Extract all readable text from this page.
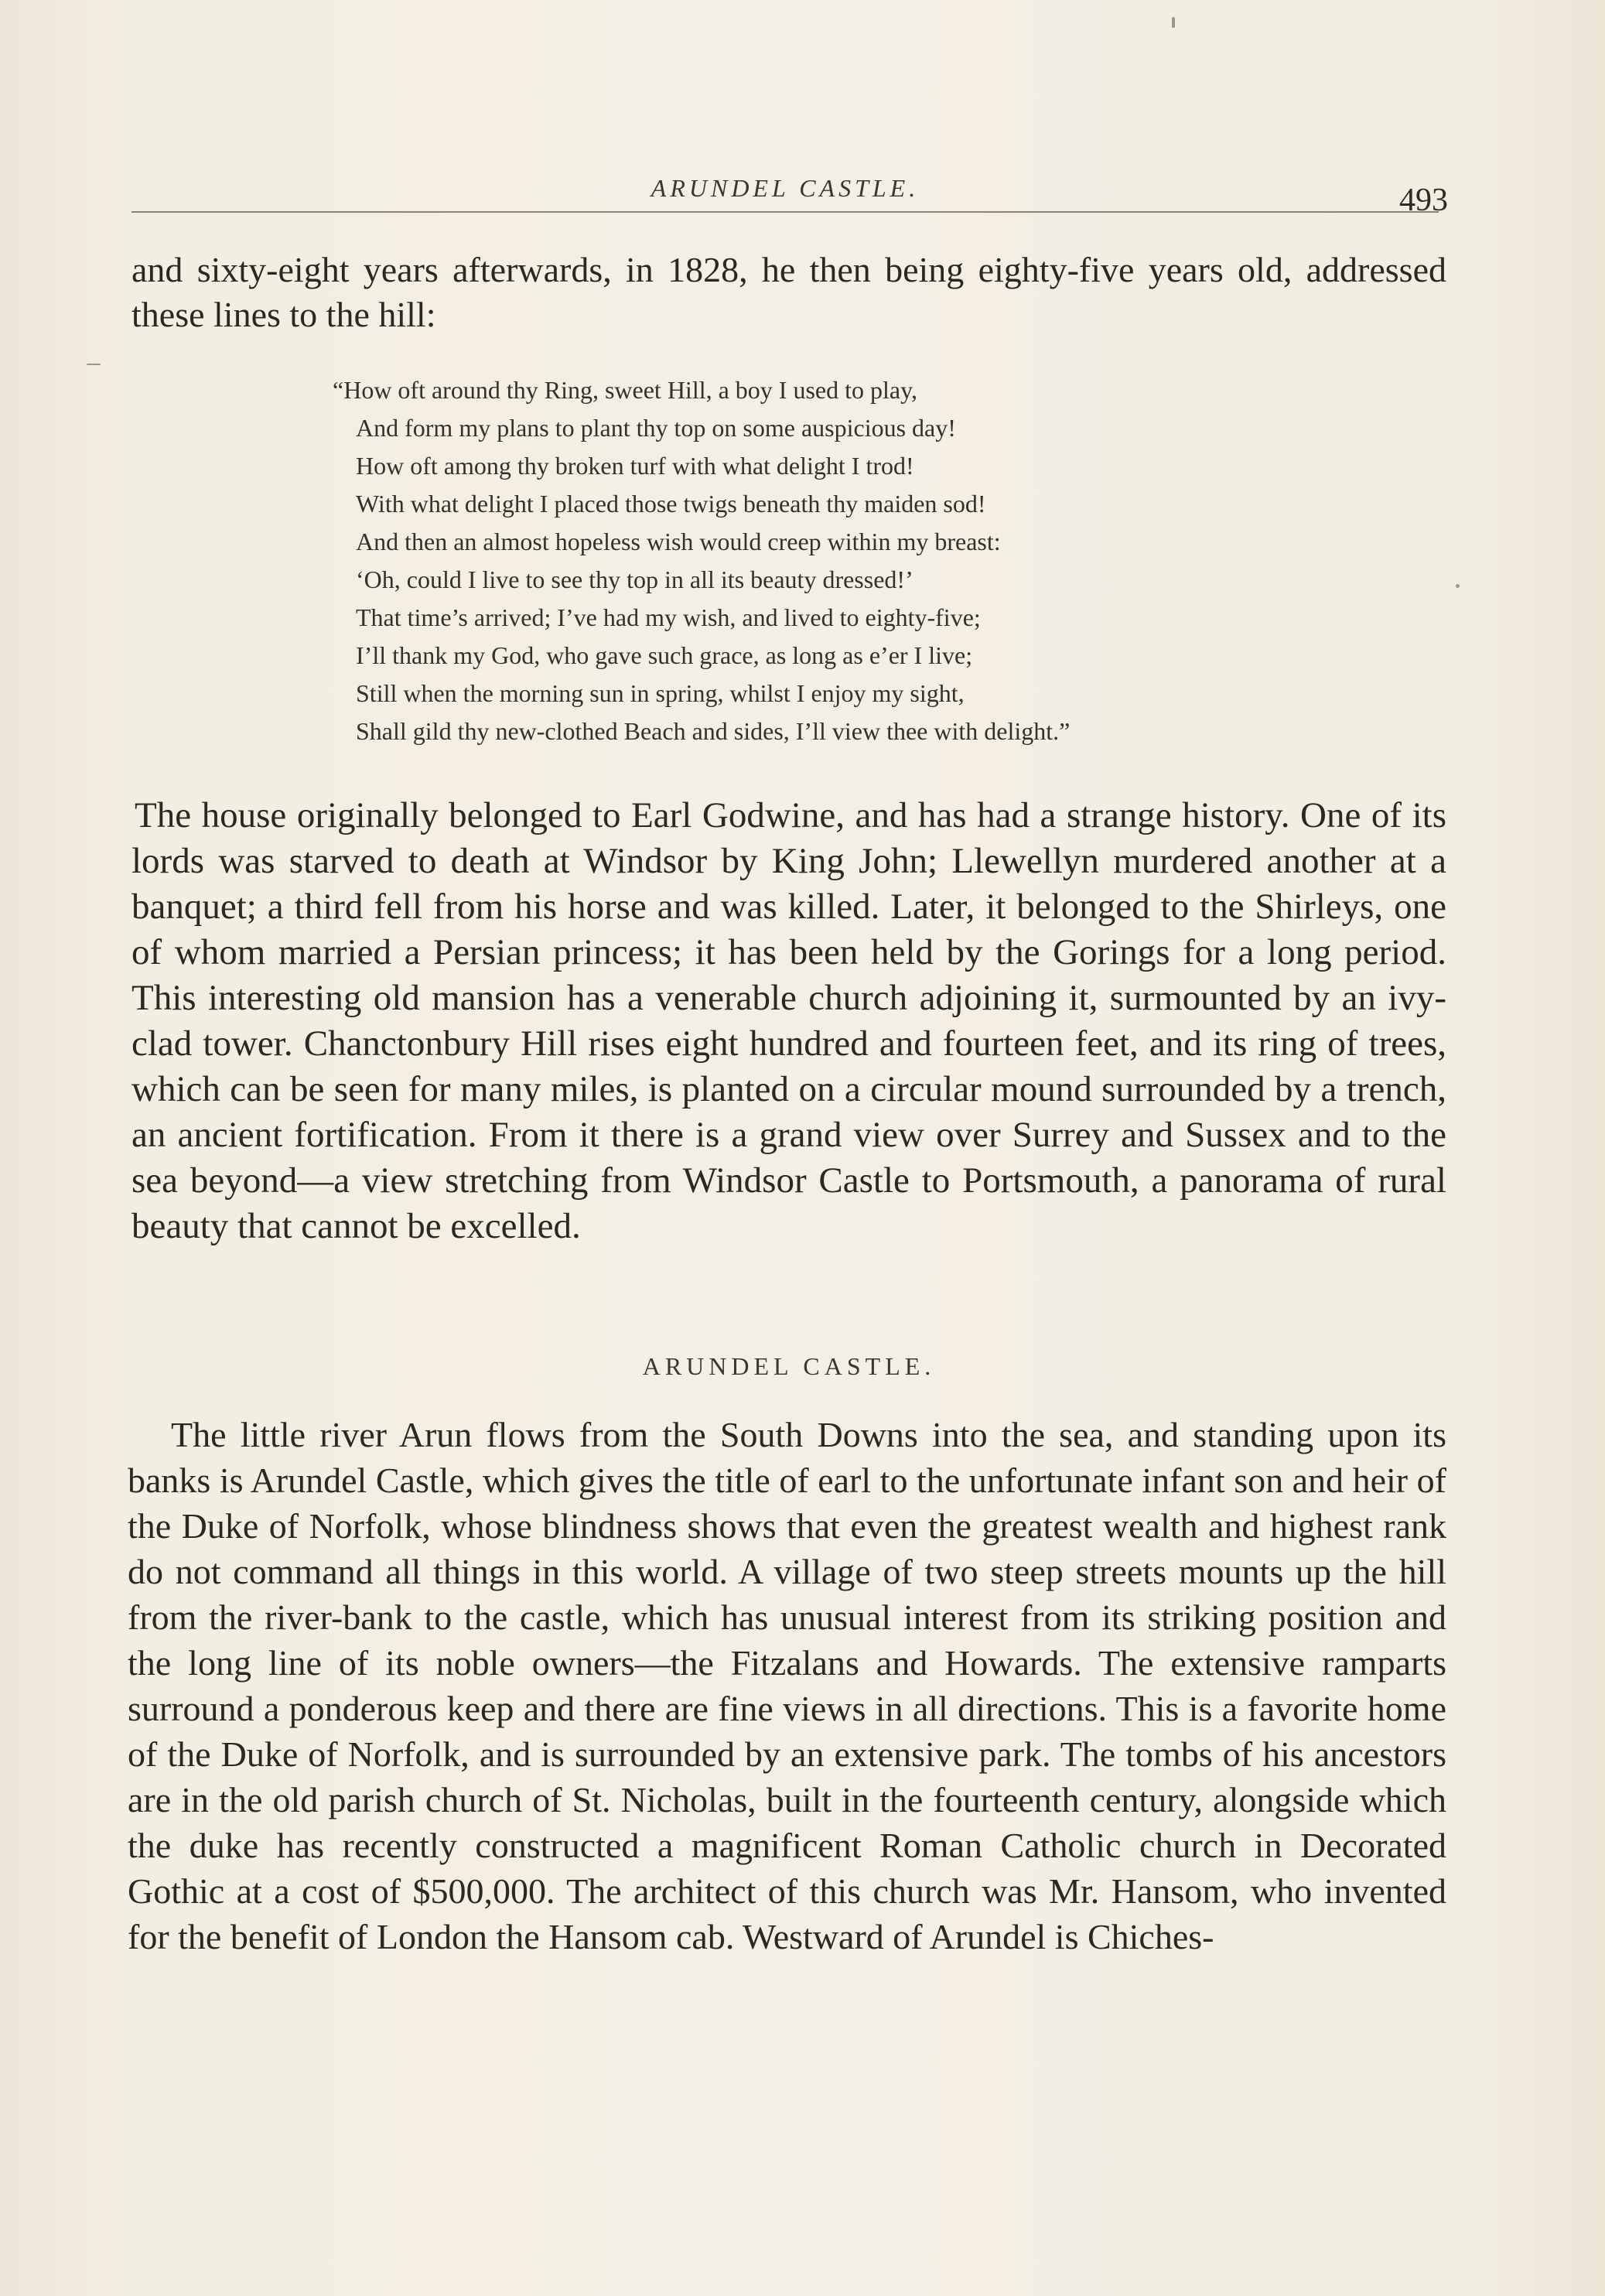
ARUNDEL CASTLE.	493
and sixty-eight years afterwards, in 1828, he then being eighty-five years old, addressed these lines to the hill:
“How oft around thy Ring, sweet Hill, a boy I used to play,
And form my plans to plant thy top on some auspicious day!
How oft among thy broken turf with what delight I trod!
With what delight I placed those twigs beneath thy maiden sod!
And then an almost hopeless wish would creep within my breast:
‘Oh, could I live to see thy top in all its beauty dressed!’
That time’s arrived; I’ve had my wish, and lived to eighty-five;
I’ll thank my God, who gave such grace, as long as e’er I live;
Still when the morning sun in spring, whilst I enjoy my sight,
Shall gild thy new-clothed Beach and sides, I’ll view thee with delight.”
The house originally belonged to Earl Godwine, and has had a strange history. One of its lords was starved to death at Windsor by King John; Llewellyn murdered another at a banquet; a third fell from his horse and was killed. Later, it belonged to the Shirleys, one of whom married a Persian princess; it has been held by the Gorings for a long period. This interesting old mansion has a venerable church adjoining it, surmounted by an ivy-clad tower. Chanctonbury Hill rises eight hundred and fourteen feet, and its ring of trees, which can be seen for many miles, is planted on a circular mound surrounded by a trench, an ancient fortification. From it there is a grand view over Surrey and Sussex and to the sea beyond—a view stretching from Windsor Castle to Portsmouth, a panorama of rural beauty that cannot be excelled.
ARUNDEL CASTLE.
The little river Arun flows from the South Downs into the sea, and standing upon its banks is Arundel Castle, which gives the title of earl to the unfortunate infant son and heir of the Duke of Norfolk, whose blindness shows that even the greatest wealth and highest rank do not command all things in this world. A village of two steep streets mounts up the hill from the river-bank to the castle, which has unusual interest from its striking position and the long line of its noble owners—the Fitzalans and Howards. The extensive ramparts surround a ponderous keep and there are fine views in all directions. This is a favorite home of the Duke of Norfolk, and is surrounded by an extensive park. The tombs of his ancestors are in the old parish church of St. Nicholas, built in the fourteenth century, alongside which the duke has recently constructed a magnificent Roman Catholic church in Decorated Gothic at a cost of $500,000. The architect of this church was Mr. Hansom, who invented for the benefit of London the Hansom cab. Westward of Arundel is Chiches-
